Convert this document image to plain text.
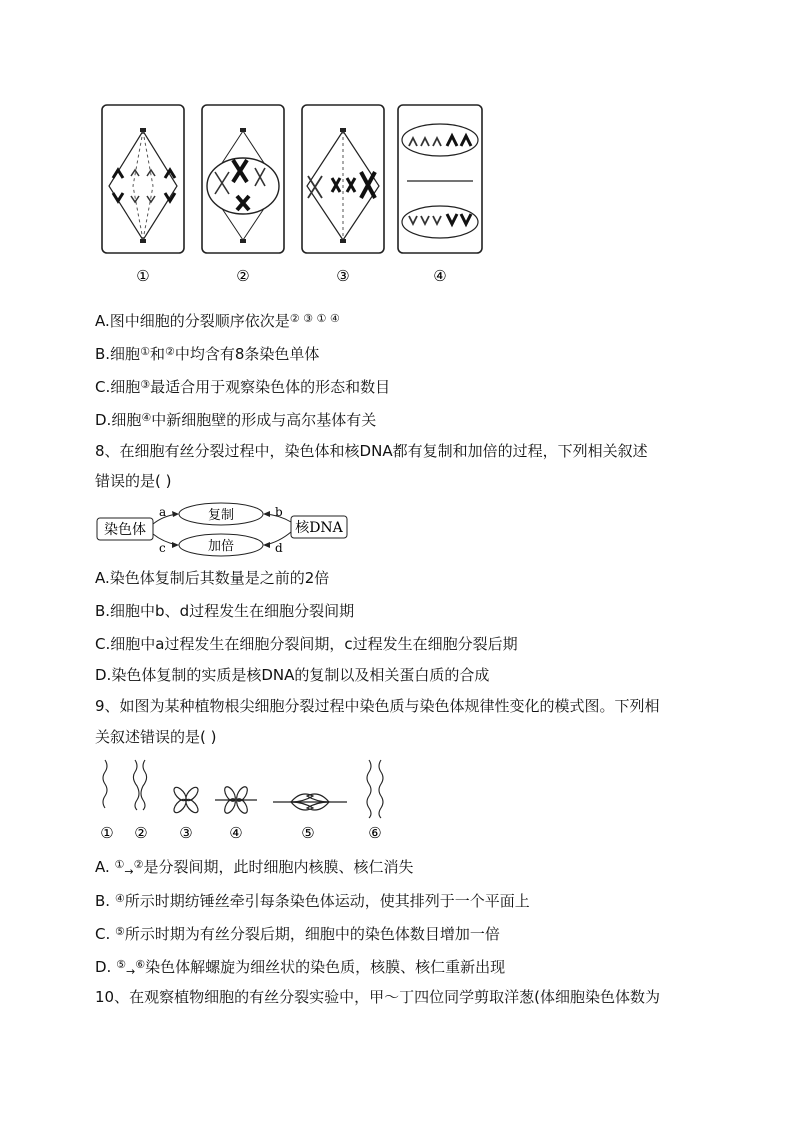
①	②	③	④
A.图中细胞的分裂顺序依次是② ③ ① ④
B.细胞①和②中均含有8条染色单体
C.细胞③最适合用于观察染色体的形态和数目
D.细胞④中新细胞壁的形成与高尔基体有关
8、在细胞有丝分裂过程中，染色体和核DNA都有复制和加倍的过程，下列相关叙述
错误的是( )
染色体	核DNA
复制
加倍
a
c
b
d
A.染色体复制后其数量是之前的2倍
B.细胞中b、d过程发生在细胞分裂间期
C.细胞中a过程发生在细胞分裂间期，c过程发生在细胞分裂后期
D.染色体复制的实质是核DNA的复制以及相关蛋白质的合成
9、如图为某种植物根尖细胞分裂过程中染色质与染色体规律性变化的模式图。下列相
关叙述错误的是( )
① ② ③ ④	⑤	⑥
A. ①$_\to$②是分裂间期，此时细胞内核膜、核仁消失
B. ④所示时期纺锤丝牵引每条染色体运动，使其排列于一个平面上
C. ⑤所示时期为有丝分裂后期，细胞中的染色体数目增加一倍
D. ⑤$_\to$⑥染色体解螺旋为细丝状的染色质，核膜、核仁重新出现
10、在观察植物细胞的有丝分裂实验中，甲～丁四位同学剪取洋葱(体细胞染色体数为
